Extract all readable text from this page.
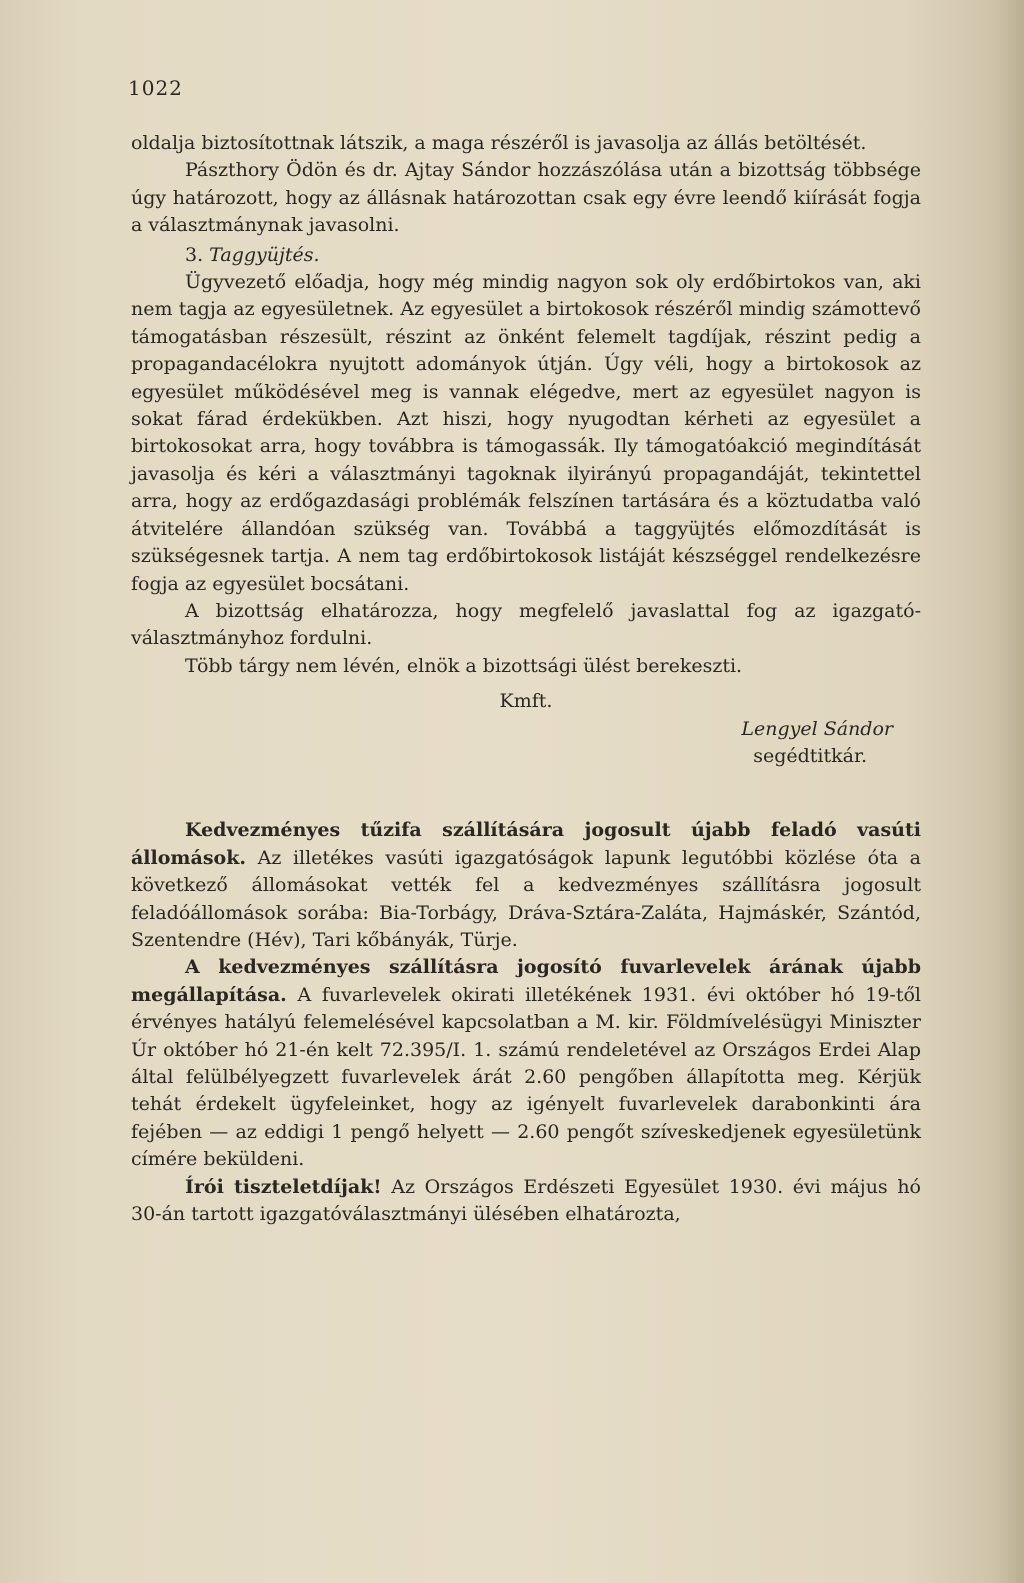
1022

oldalja biztosítottnak látszik, a maga részéről is javasolja az állás betöltését.

Pászthory Ödön és dr. Ajtay Sándor hozzászólása után a bizottság többsége úgy határozott, hogy az állásnak határozottan csak egy évre leendő kiírását fogja a választmánynak javasolni.

3. Taggyüjtés.

Ügyvezető előadja, hogy még mindig nagyon sok oly erdőbirtokos van, aki nem tagja az egyesületnek. Az egyesület a birtokosok részéről mindig számottevő támogatásban részesült, részint az önként felemelt tagdíjak, részint pedig a propagandacélokra nyujtott adományok útján. Úgy véli, hogy a birtokosok az egyesület működésével meg is vannak elégedve, mert az egyesület nagyon is sokat fárad érdekükben. Azt hiszi, hogy nyugodtan kérheti az egyesület a birtokosokat arra, hogy továbbra is támogassák. Ily támogatóakció megindítását javasolja és kéri a választmányi tagoknak ilyirányú propagandáját, tekintettel arra, hogy az erdőgazdasági problémák felszínen tartására és a köztudatba való átvitelére állandóan szükség van. Továbbá a taggyüjtés előmozdítását is szükségesnek tartja. A nem tag erdőbirtokosok listáját készséggel rendelkezésre fogja az egyesület bocsátani.

A bizottság elhatározza, hogy megfelelő javaslattal fog az igazgató-választmányhoz fordulni.

Több tárgy nem lévén, elnök a bizottsági ülést berekeszti.

Kmft.

Lengyel Sándor

segédtitkár.

Kedvezményes tűzifa szállítására jogosult újabb feladó vasúti állomások. Az illetékes vasúti igazgatóságok lapunk legutóbbi közlése óta a következő állomásokat vették fel a kedvezményes szállításra jogosult feladóállomások sorába: Bia-Torbágy, Dráva-Sztára-Zaláta, Hajmáskér, Szántód, Szentendre (Hév), Tari kőbányák, Türje.

A kedvezményes szállításra jogosító fuvarlevelek árának újabb megállapítása. A fuvarlevelek okirati illetékének 1931. évi október hó 19-től érvényes hatályú felemelésével kapcsolatban a M. kir. Földmívelésügyi Miniszter Úr október hó 21-én kelt 72.395/I. 1. számú rendeletével az Országos Erdei Alap által felülbélyegzett fuvarlevelek árát 2.60 pengőben állapította meg. Kérjük tehát érdekelt ügyfeleinket, hogy az igényelt fuvarlevelek darabonkinti ára fejében — az eddigi 1 pengő helyett — 2.60 pengőt szíveskedjenek egyesületünk címére beküldeni.

Írói tiszteletdíjak! Az Országos Erdészeti Egyesület 1930. évi május hó 30-án tartott igazgatóválasztmányi ülésében elhatározta,
